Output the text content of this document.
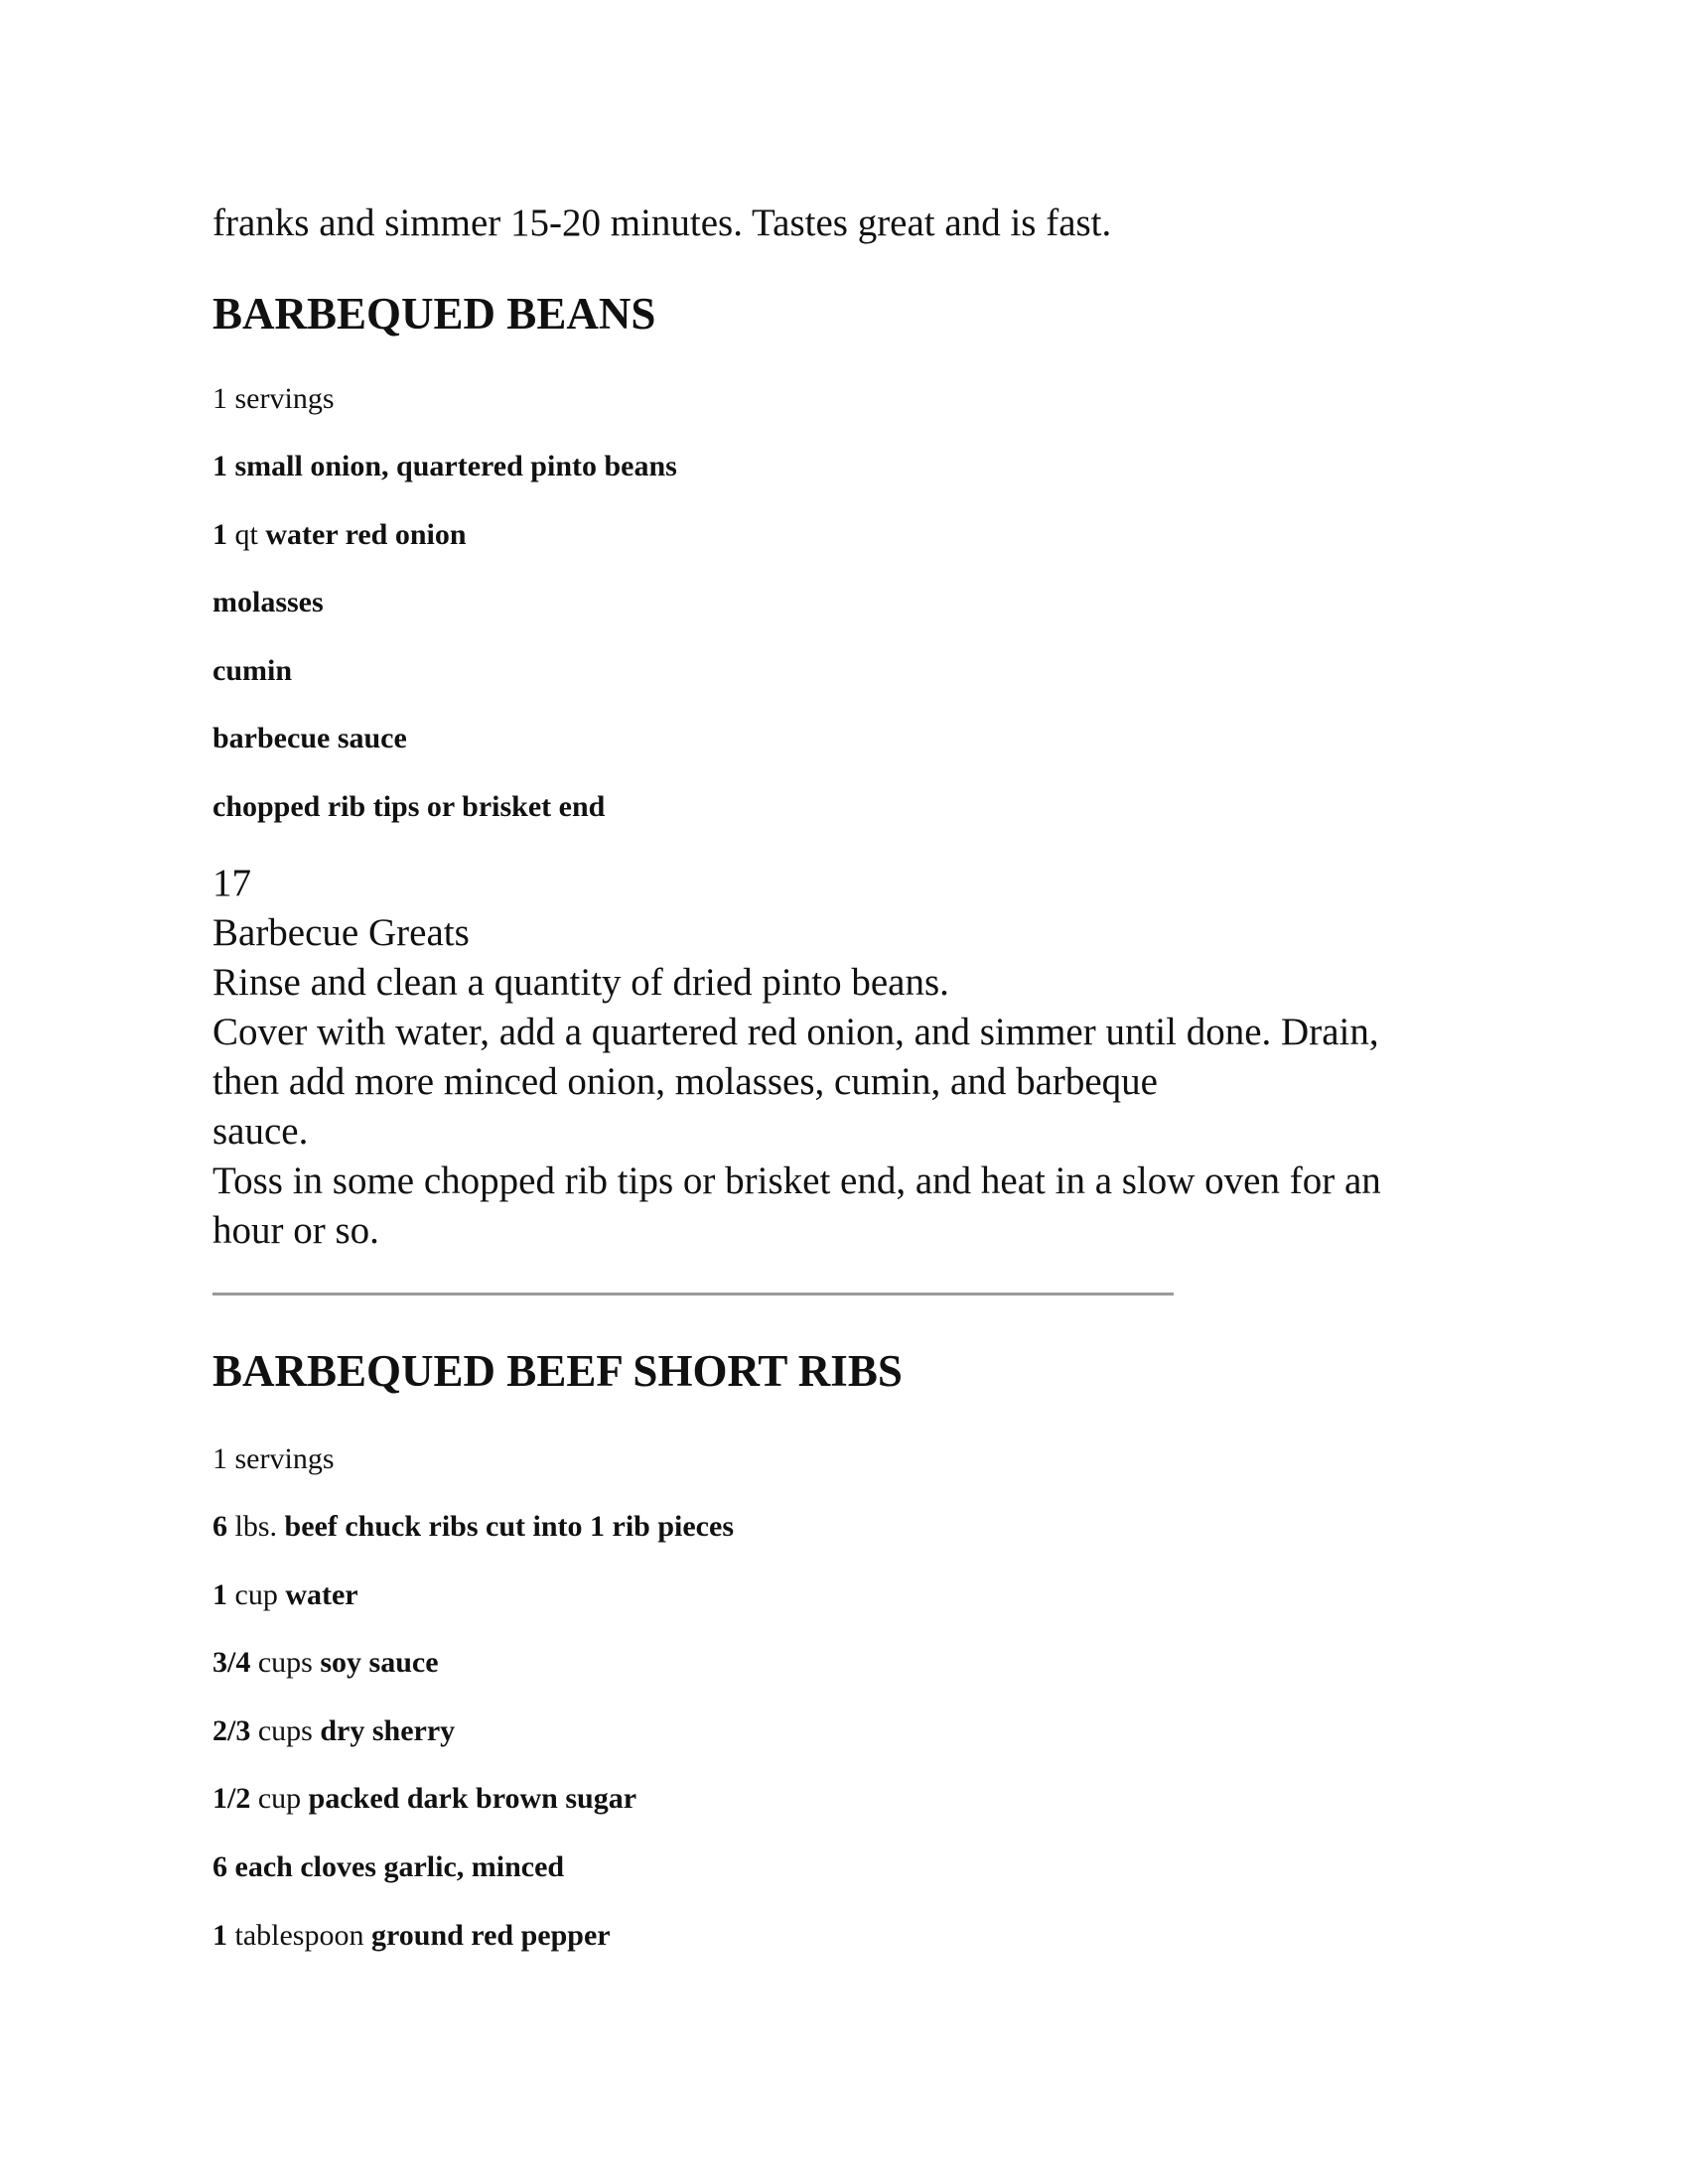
franks and simmer 15-20 minutes. Tastes great and is fast.
BARBEQUED BEANS
1 servings
1 small onion, quartered pinto beans
1 qt water red onion
molasses
cumin
barbecue sauce
chopped rib tips or brisket end
17
Barbecue Greats
Rinse and clean a quantity of dried pinto beans.
Cover with water, add a quartered red onion, and simmer until done. Drain,
then add more minced onion, molasses, cumin, and barbeque
sauce.
Toss in some chopped rib tips or brisket end, and heat in a slow oven for an
hour or so.
BARBEQUED BEEF SHORT RIBS
1 servings
6 lbs. beef chuck ribs cut into 1 rib pieces
1 cup water
3/4 cups soy sauce
2/3 cups dry sherry
1/2 cup packed dark brown sugar
6 each cloves garlic, minced
1 tablespoon ground red pepper
